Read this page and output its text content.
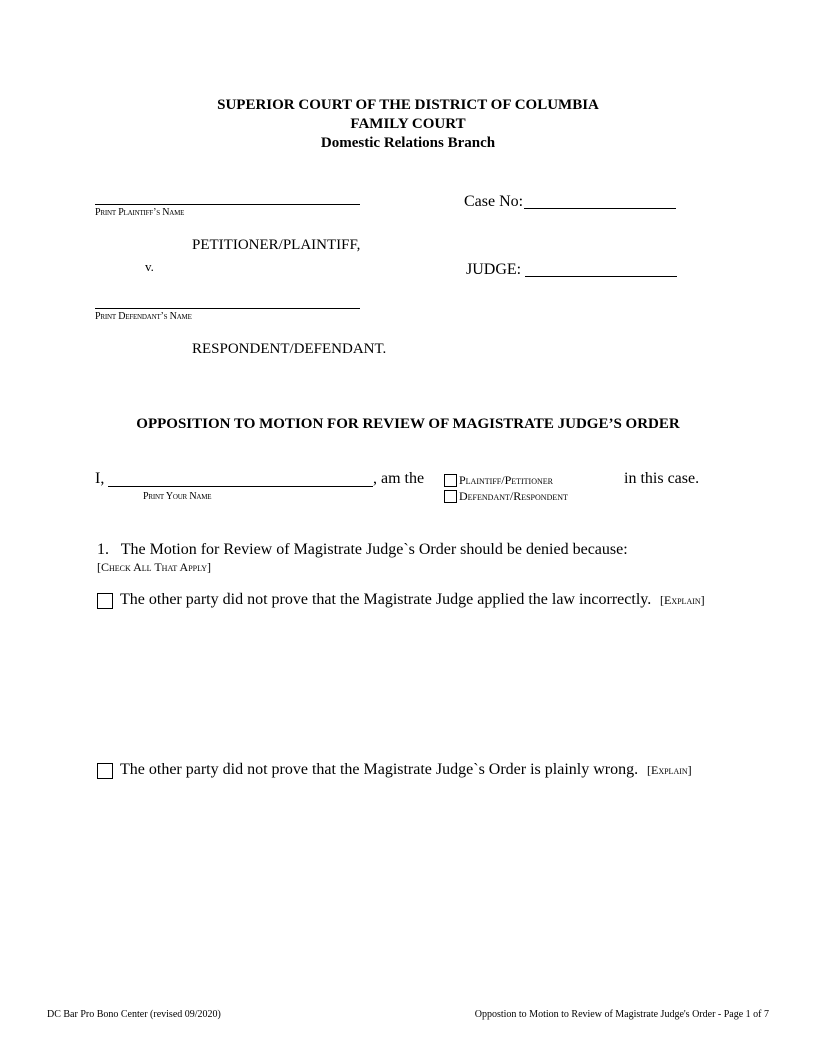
SUPERIOR COURT OF THE DISTRICT OF COLUMBIA
FAMILY COURT
Domestic Relations Branch
Print Plaintiff’s Name
PETITIONER/PLAINTIFF,
v.
Print Defendant’s Name
RESPONDENT/DEFENDANT.
Case No:
JUDGE:
OPPOSITION TO MOTION FOR REVIEW OF MAGISTRATE JUDGE’S ORDER
I,	, am the
Print Your Name
Plaintiff/Petitioner
Defendant/Respondent
in this case.
1.   The Motion for Review of Magistrate Judge`s Order should be denied because:
[Check All That Apply]
The other party did not prove that the Magistrate Judge applied the law incorrectly. [Explain]
The other party did not prove that the Magistrate Judge`s Order is plainly wrong. [Explain]
DC Bar Pro Bono Center (revised 09/2020)	Oppostion to Motion to Review of Magistrate Judge's Order - Page 1 of 7
